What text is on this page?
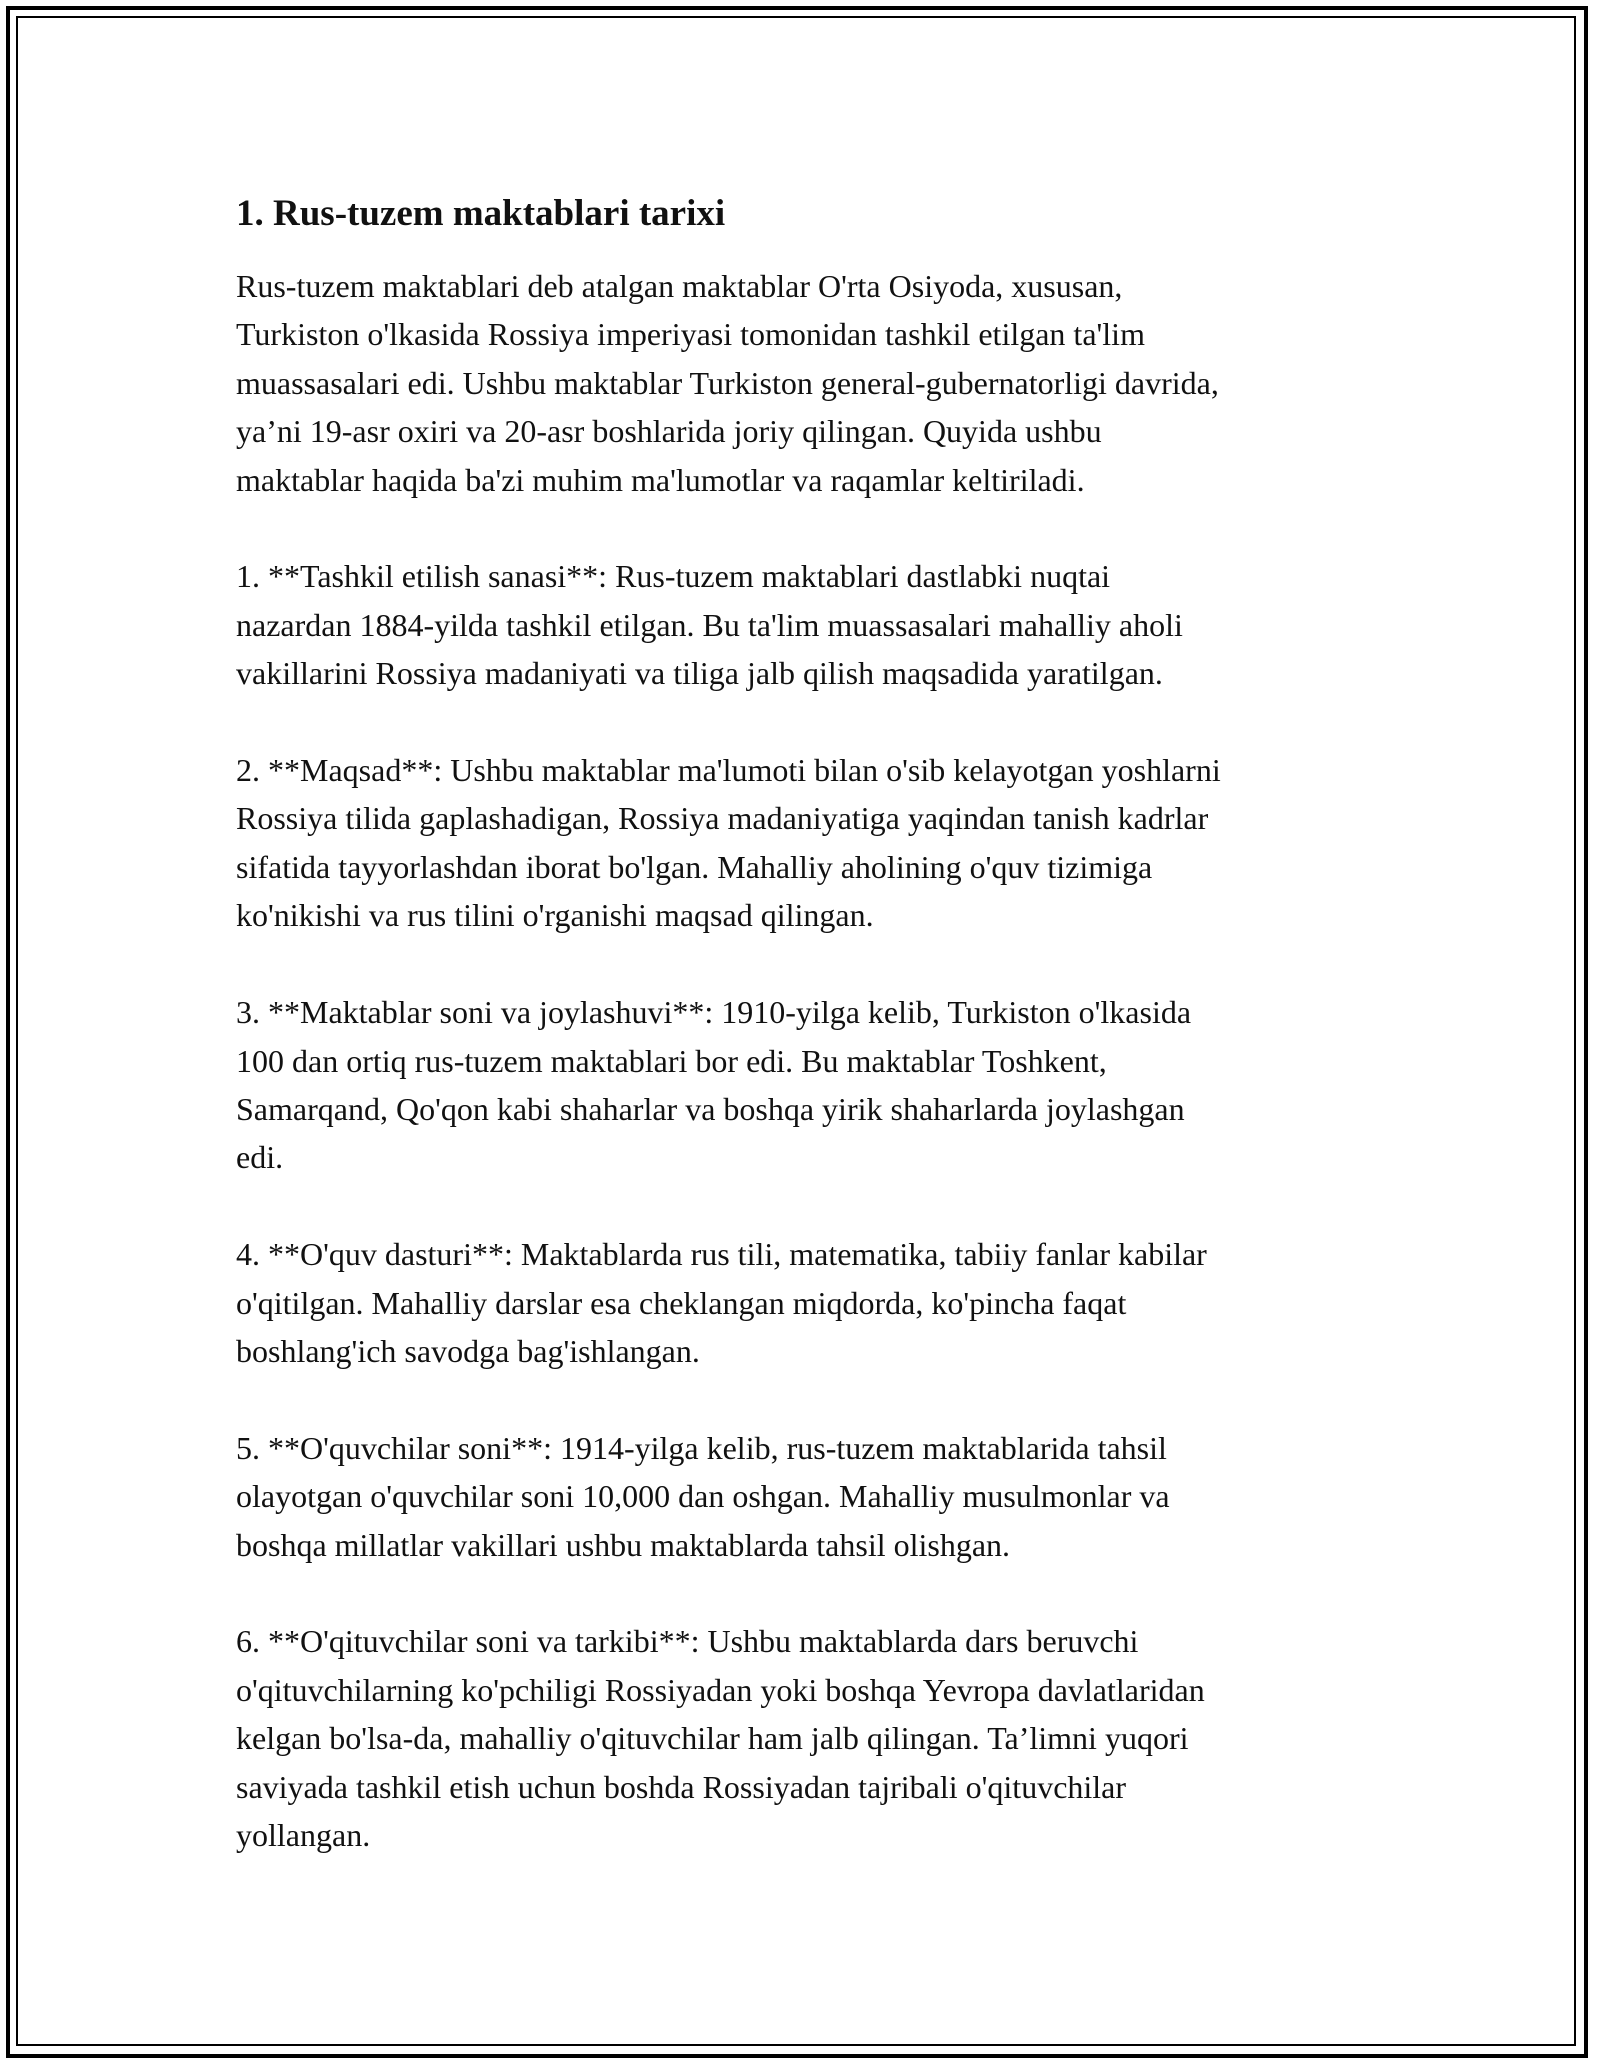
1. Rus-tuzem maktablari tarixi

Rus-tuzem maktablari deb atalgan maktablar O'rta Osiyoda, xususan,
Turkiston o'lkasida Rossiya imperiyasi tomonidan tashkil etilgan ta'lim
muassasalari edi. Ushbu maktablar Turkiston general-gubernatorligi davrida,
ya’ni 19-asr oxiri va 20-asr boshlarida joriy qilingan. Quyida ushbu
maktablar haqida ba'zi muhim ma'lumotlar va raqamlar keltiriladi.

1. **Tashkil etilish sanasi**: Rus-tuzem maktablari dastlabki nuqtai
nazardan 1884-yilda tashkil etilgan. Bu ta'lim muassasalari mahalliy aholi
vakillarini Rossiya madaniyati va tiliga jalb qilish maqsadida yaratilgan.

2. **Maqsad**: Ushbu maktablar ma'lumoti bilan o'sib kelayotgan yoshlarni
Rossiya tilida gaplashadigan, Rossiya madaniyatiga yaqindan tanish kadrlar
sifatida tayyorlashdan iborat bo'lgan. Mahalliy aholining o'quv tizimiga
ko'nikishi va rus tilini o'rganishi maqsad qilingan.

3. **Maktablar soni va joylashuvi**: 1910-yilga kelib, Turkiston o'lkasida
100 dan ortiq rus-tuzem maktablari bor edi. Bu maktablar Toshkent,
Samarqand, Qo'qon kabi shaharlar va boshqa yirik shaharlarda joylashgan
edi.

4. **O'quv dasturi**: Maktablarda rus tili, matematika, tabiiy fanlar kabilar
o'qitilgan. Mahalliy darslar esa cheklangan miqdorda, ko'pincha faqat
boshlang'ich savodga bag'ishlangan.

5. **O'quvchilar soni**: 1914-yilga kelib, rus-tuzem maktablarida tahsil
olayotgan o'quvchilar soni 10,000 dan oshgan. Mahalliy musulmonlar va
boshqa millatlar vakillari ushbu maktablarda tahsil olishgan.

6. **O'qituvchilar soni va tarkibi**: Ushbu maktablarda dars beruvchi
o'qituvchilarning ko'pchiligi Rossiyadan yoki boshqa Yevropa davlatlaridan
kelgan bo'lsa-da, mahalliy o'qituvchilar ham jalb qilingan. Ta’limni yuqori
saviyada tashkil etish uchun boshda Rossiyadan tajribali o'qituvchilar
yollangan.
